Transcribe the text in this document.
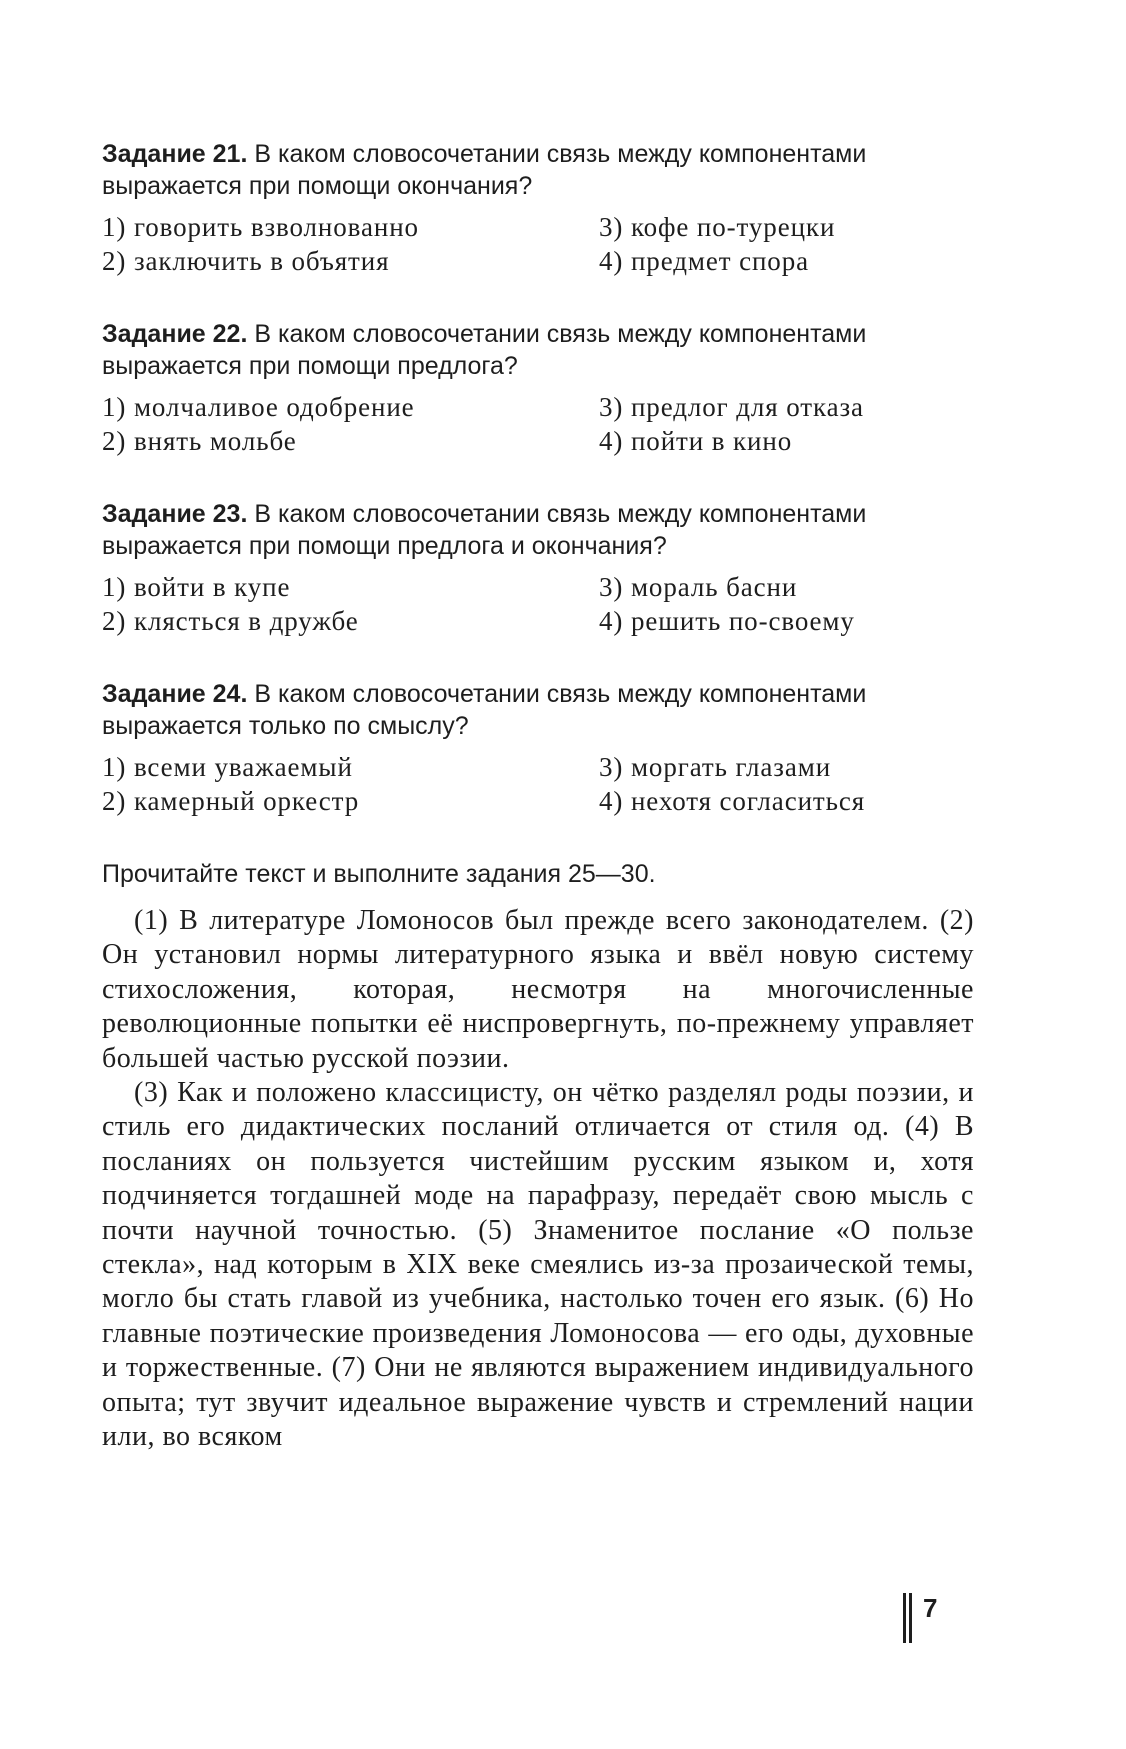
Задание 21. В каком словосочетании связь между компонентами выражается при помощи окончания?

1) говорить взволнованно	3) кофе по-турецки
2) заключить в объятия	4) предмет спора

Задание 22. В каком словосочетании связь между компонентами выражается при помощи предлога?

1) молчаливое одобрение	3) предлог для отказа
2) внять мольбе	4) пойти в кино

Задание 23. В каком словосочетании связь между компонентами выражается при помощи предлога и окончания?

1) войти в купе	3) мораль басни
2) клясться в дружбе	4) решить по-своему

Задание 24. В каком словосочетании связь между компонентами выражается только по смыслу?

1) всеми уважаемый	3) моргать глазами
2) камерный оркестр	4) нехотя согласиться

Прочитайте текст и выполните задания 25—30.

(1) В литературе Ломоносов был прежде всего законодателем. (2) Он установил нормы литературного языка и ввёл новую систему стихосложения, которая, несмотря на многочисленные революционные попытки её ниспровергнуть, по-прежнему управляет большей частью русской поэзии.

(3) Как и положено классицисту, он чётко разделял роды поэзии, и стиль его дидактических посланий отличается от стиля од. (4) В посланиях он пользуется чистейшим русским языком и, хотя подчиняется тогдашней моде на парафразу, передаёт свою мысль с почти научной точностью. (5) Знаменитое послание «О пользе стекла», над которым в XIX веке смеялись из-за прозаической темы, могло бы стать главой из учебника, настолько точен его язык. (6) Но главные поэтические произведения Ломоносова — его оды, духовные и торжественные. (7) Они не являются выражением индивидуального опыта; тут звучит идеальное выражение чувств и стремлений нации или, во всяком

7
